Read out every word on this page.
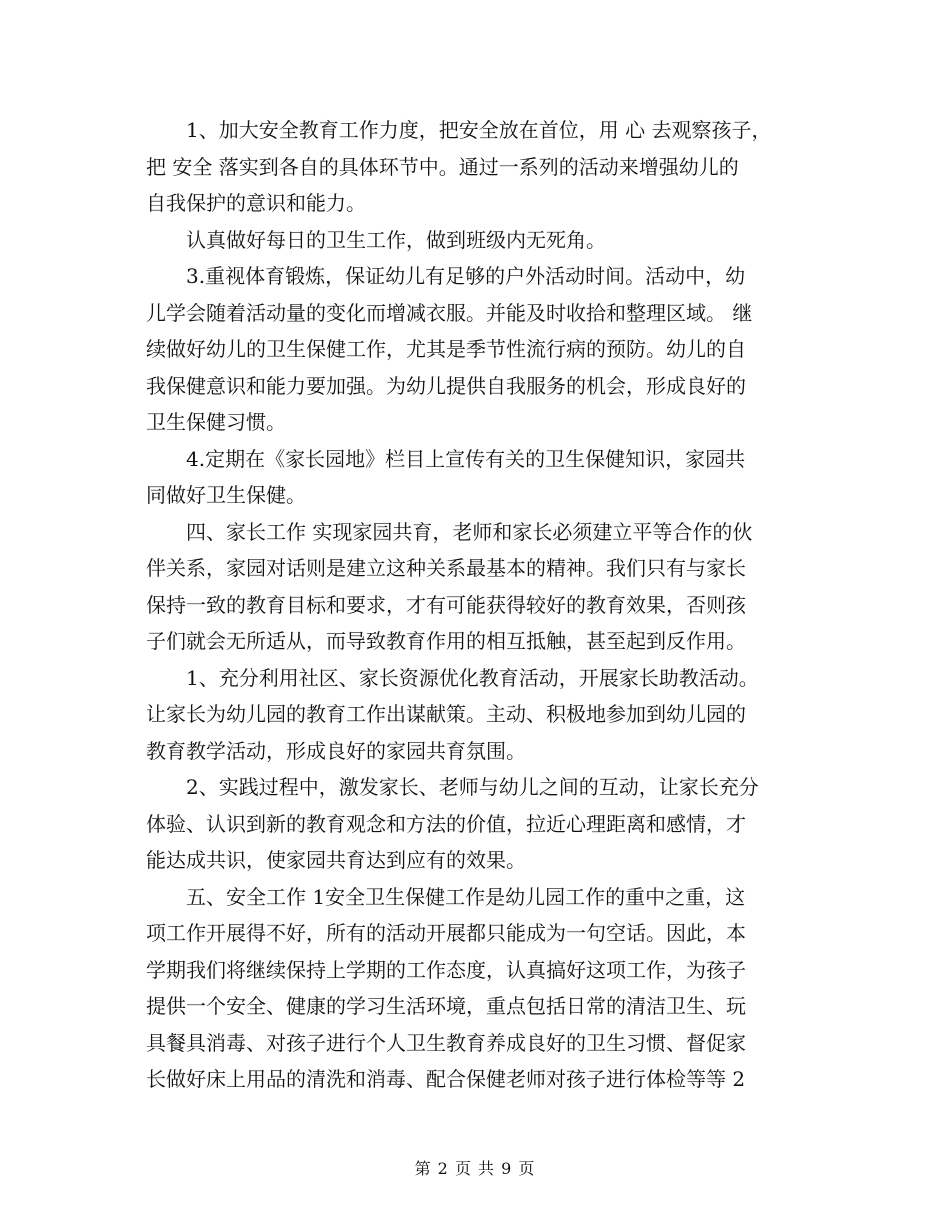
　　1、加大安全教育工作力度，把安全放在首位，用 心 去观察孩子，
把 安全 落实到各自的具体环节中。通过一系列的活动来增强幼儿的
自我保护的意识和能力。
　　认真做好每日的卫生工作，做到班级内无死角。
　　3.重视体育锻炼，保证幼儿有足够的户外活动时间。活动中，幼
儿学会随着活动量的变化而增减衣服。并能及时收拾和整理区域。 继
续做好幼儿的卫生保健工作，尤其是季节性流行病的预防。幼儿的自
我保健意识和能力要加强。为幼儿提供自我服务的机会，形成良好的
卫生保健习惯。
　　4.定期在《家长园地》栏目上宣传有关的卫生保健知识，家园共
同做好卫生保健。
　　四、家长工作 实现家园共育，老师和家长必须建立平等合作的伙
伴关系，家园对话则是建立这种关系最基本的精神。我们只有与家长
保持一致的教育目标和要求，才有可能获得较好的教育效果，否则孩
子们就会无所适从，而导致教育作用的相互抵触，甚至起到反作用。
　　1、充分利用社区、家长资源优化教育活动，开展家长助教活动。
让家长为幼儿园的教育工作出谋献策。主动、积极地参加到幼儿园的
教育教学活动，形成良好的家园共育氛围。
　　2、实践过程中，激发家长、老师与幼儿之间的互动，让家长充分
体验、认识到新的教育观念和方法的价值，拉近心理距离和感情，才
能达成共识，使家园共育达到应有的效果。
　　五、安全工作 1安全卫生保健工作是幼儿园工作的重中之重，这
项工作开展得不好，所有的活动开展都只能成为一句空话。因此，本
学期我们将继续保持上学期的工作态度，认真搞好这项工作，为孩子
提供一个安全、健康的学习生活环境，重点包括日常的清洁卫生、玩
具餐具消毒、对孩子进行个人卫生教育养成良好的卫生习惯、督促家
长做好床上用品的清洗和消毒、配合保健老师对孩子进行体检等等 2
第 2 页 共 9 页
